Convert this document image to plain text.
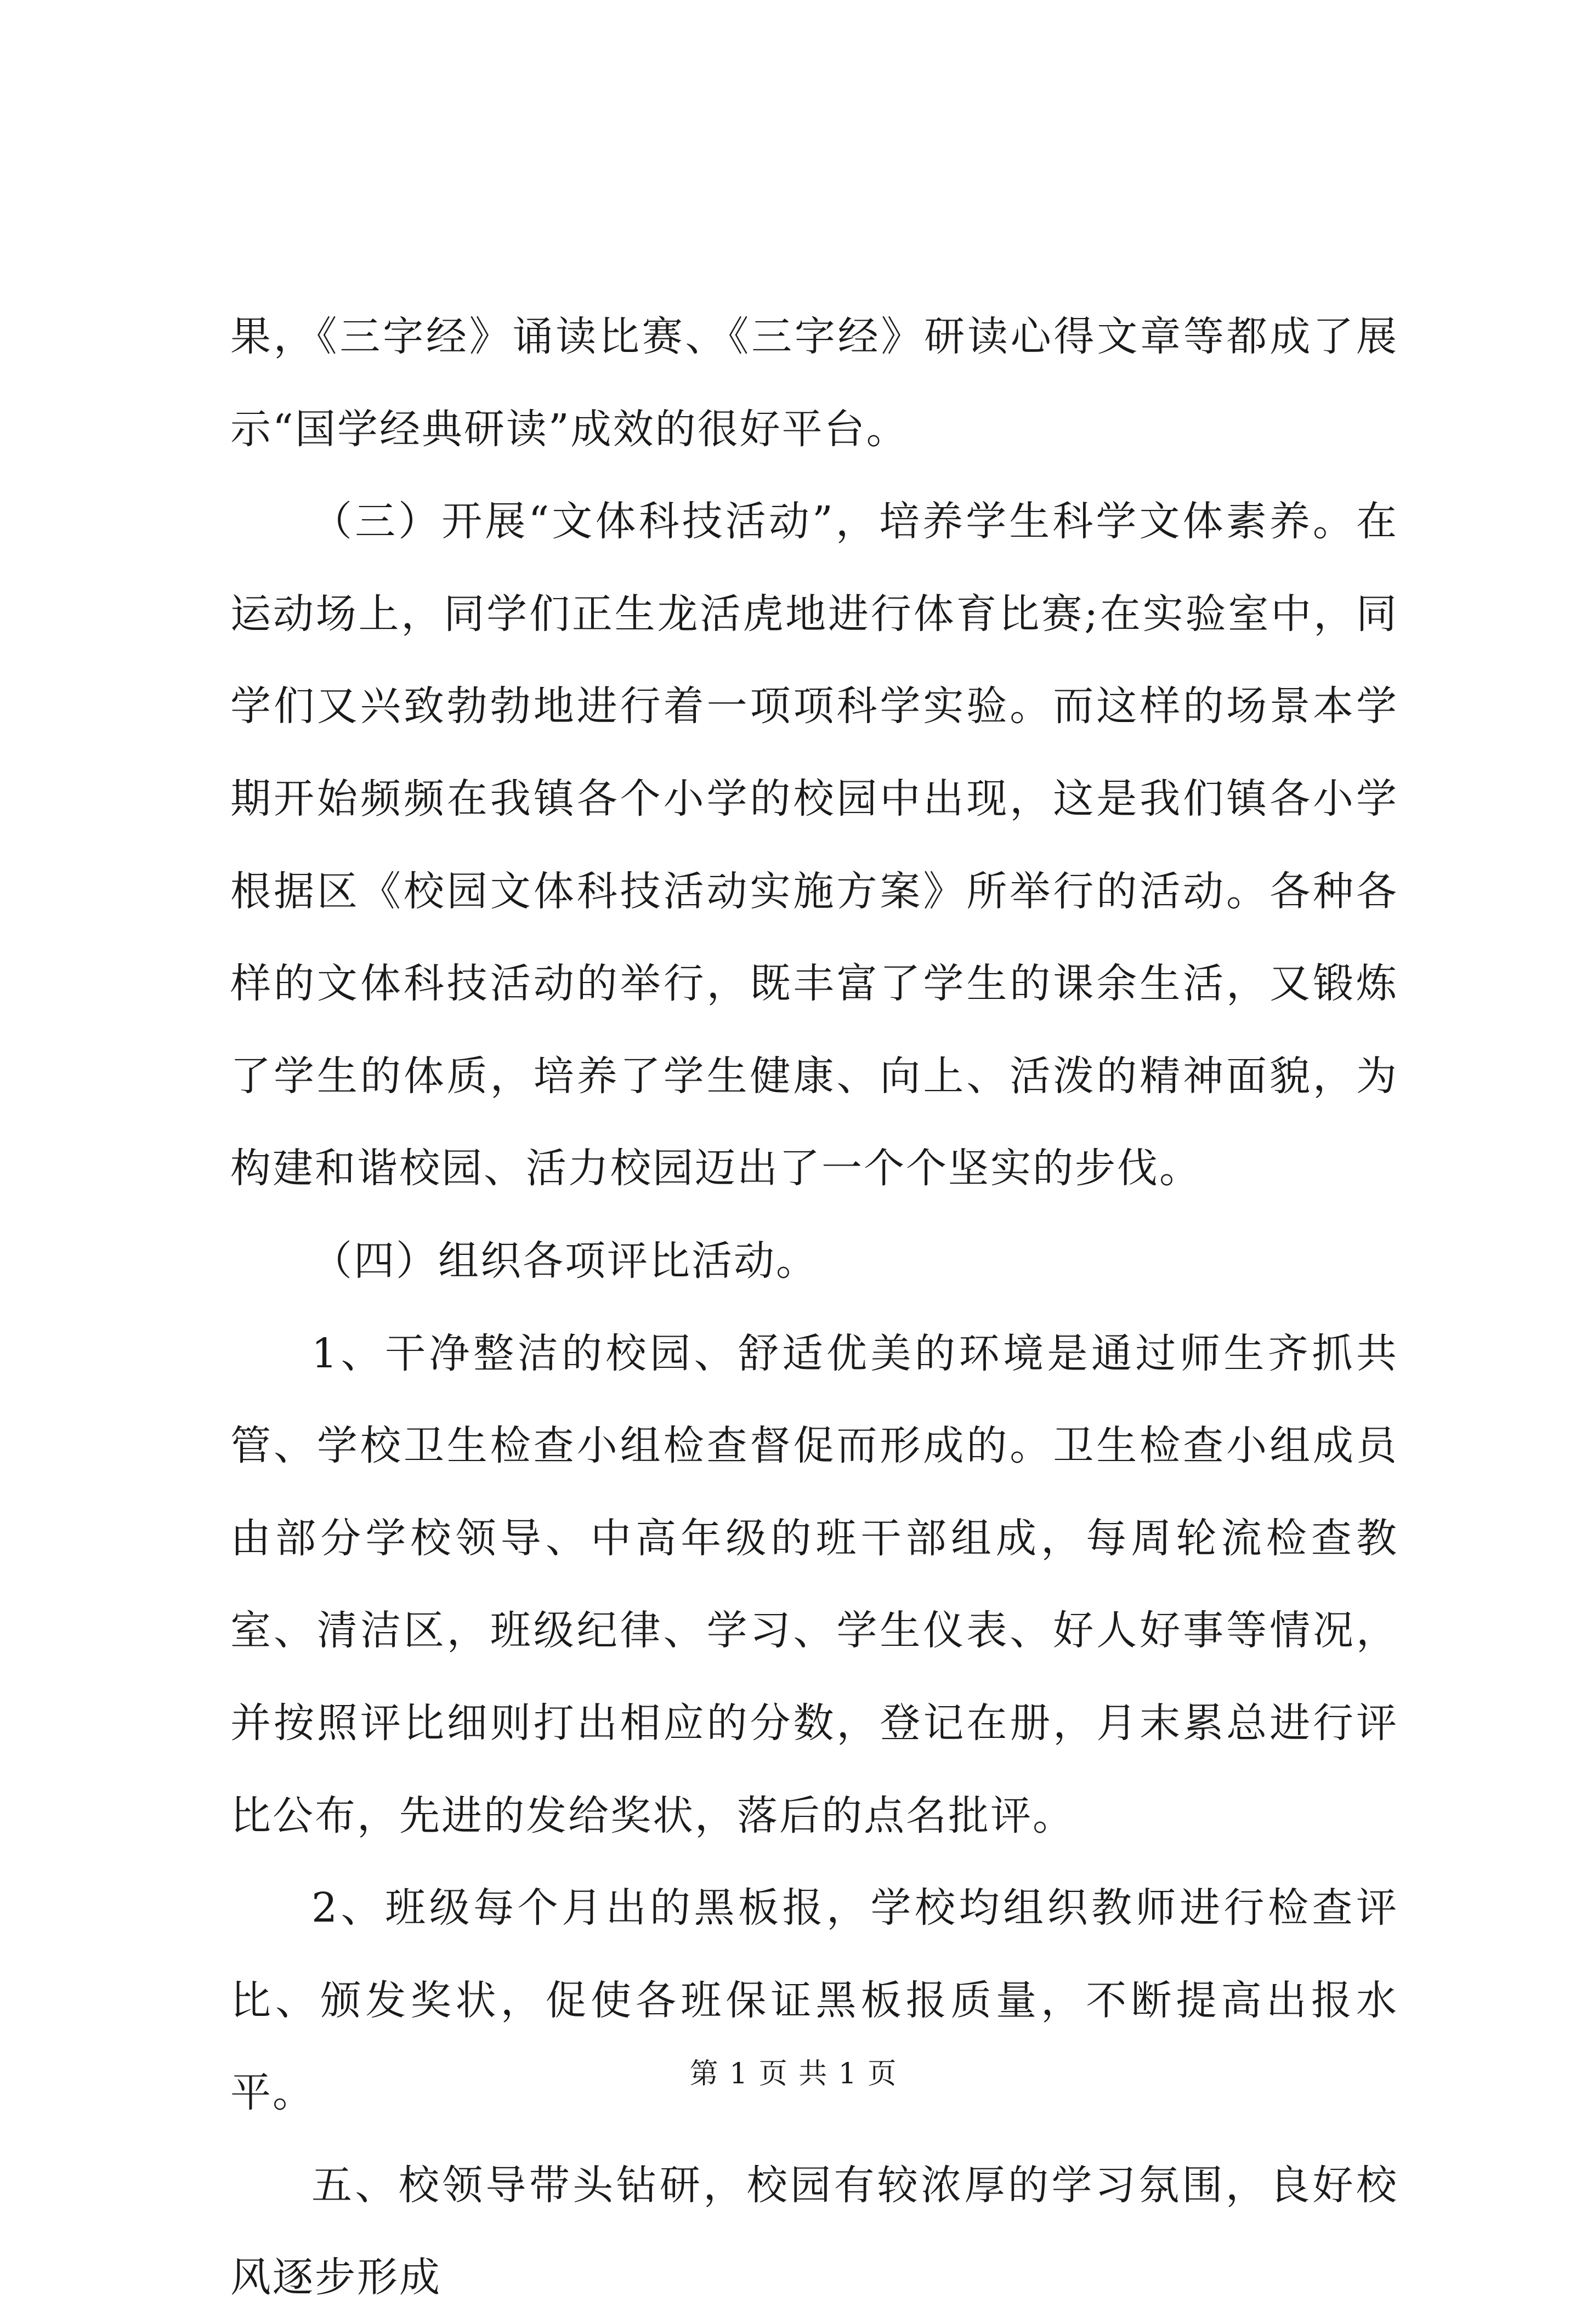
果，《三字经》诵读比赛、《三字经》研读心得文章等都成了展示“国学经典研读”成效的很好平台。

（三）开展“文体科技活动”，培养学生科学文体素养。在运动场上，同学们正生龙活虎地进行体育比赛;在实验室中，同学们又兴致勃勃地进行着一项项科学实验。而这样的场景本学期开始频频在我镇各个小学的校园中出现，这是我们镇各小学根据区《校园文体科技活动实施方案》所举行的活动。各种各样的文体科技活动的举行，既丰富了学生的课余生活，又锻炼了学生的体质，培养了学生健康、向上、活泼的精神面貌，为构建和谐校园、活力校园迈出了一个个坚实的步伐。

（四）组织各项评比活动。

1、干净整洁的校园、舒适优美的环境是通过师生齐抓共管、学校卫生检查小组检查督促而形成的。卫生检查小组成员由部分学校领导、中高年级的班干部组成，每周轮流检查教室、清洁区，班级纪律、学习、学生仪表、好人好事等情况，并按照评比细则打出相应的分数，登记在册，月末累总进行评比公布，先进的发给奖状，落后的点名批评。

2、班级每个月出的黑板报，学校均组织教师进行检查评比、颁发奖状，促使各班保证黑板报质量，不断提高出报水平。

五、校领导带头钻研，校园有较浓厚的学习氛围，良好校风逐步形成

第 1 页 共 1 页
